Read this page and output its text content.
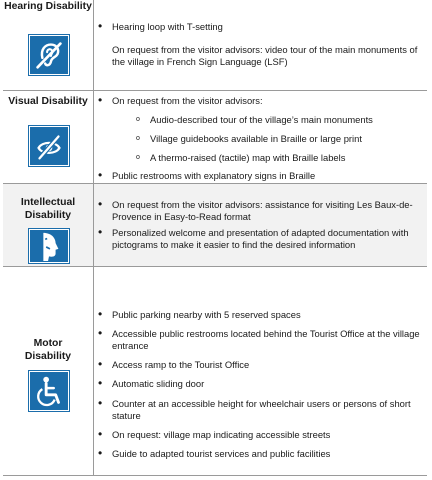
Hearing Disability
• Hearing loop with T-setting
On request from the visitor advisors: video tour of the main monuments of the village in French Sign Language (LSF)
Visual Disability
•	On request from the visitor advisors:
o Audio-described tour of the village’s main monuments
o Village guidebooks available in Braille or large print
o A thermo-raised (tactile) map with Braille labels
• Public restrooms with explanatory signs in Braille
Intellectual Disability
• On request from the visitor advisors: assistance for visiting Les Baux-de-Provence in Easy-to-Read format
• Personalized welcome and presentation of adapted documentation with pictograms to make it easier to find the desired information
Motor Disability
• Public parking nearby with 5 reserved spaces
• Accessible public restrooms located behind the Tourist Office at the village entrance
• Access ramp to the Tourist Office
• Automatic sliding door
• Counter at an accessible height for wheelchair users or persons of short stature
• On request: village map indicating accessible streets
• Guide to adapted tourist services and public facilities
